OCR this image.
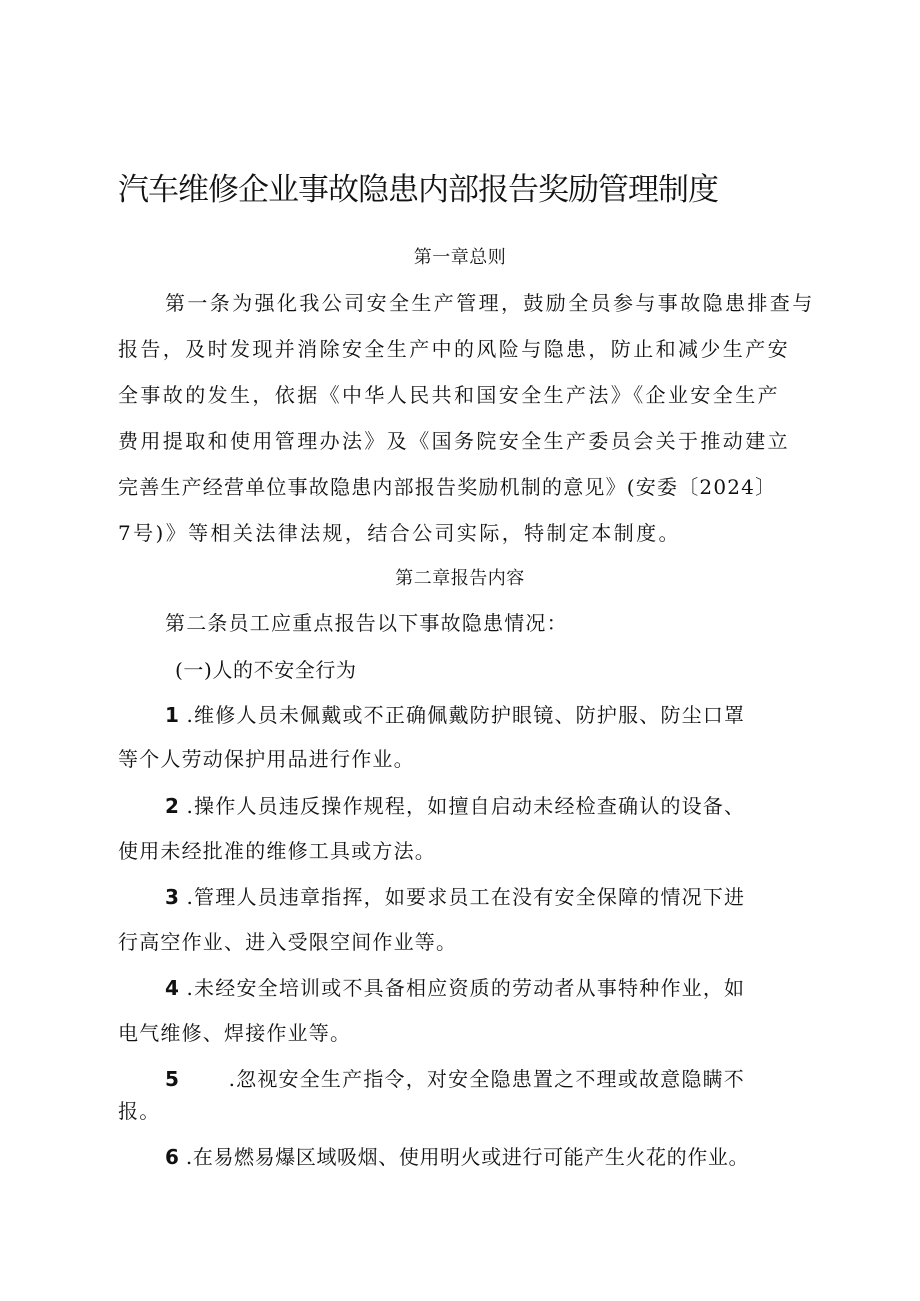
汽车维修企业事故隐患内部报告奖励管理制度
第一章总则
第一条为强化我公司安全生产管理，鼓励全员参与事故隐患排查与
报告，及时发现并消除安全生产中的风险与隐患，防止和减少生产安
全事故的发生，依据《中华人民共和国安全生产法》《企业安全生产
费用提取和使用管理办法》及《国务院安全生产委员会关于推动建立
完善生产经营单位事故隐患内部报告奖励机制的意见》(安委〔2024〕
7号)》等相关法律法规，结合公司实际，特制定本制度。
第二章报告内容
第二条员工应重点报告以下事故隐患情况：
(一)人的不安全行为
1 .维修人员未佩戴或不正确佩戴防护眼镜、防护服、防尘口罩
等个人劳动保护用品进行作业。
2 .操作人员违反操作规程，如擅自启动未经检查确认的设备、
使用未经批准的维修工具或方法。
3 .管理人员违章指挥，如要求员工在没有安全保障的情况下进
行高空作业、进入受限空间作业等。
4 .未经安全培训或不具备相应资质的劳动者从事特种作业，如
电气维修、焊接作业等。
5 .忽视安全生产指令，对安全隐患置之不理或故意隐瞒不
报。
6 .在易燃易爆区域吸烟、使用明火或进行可能产生火花的作业。
